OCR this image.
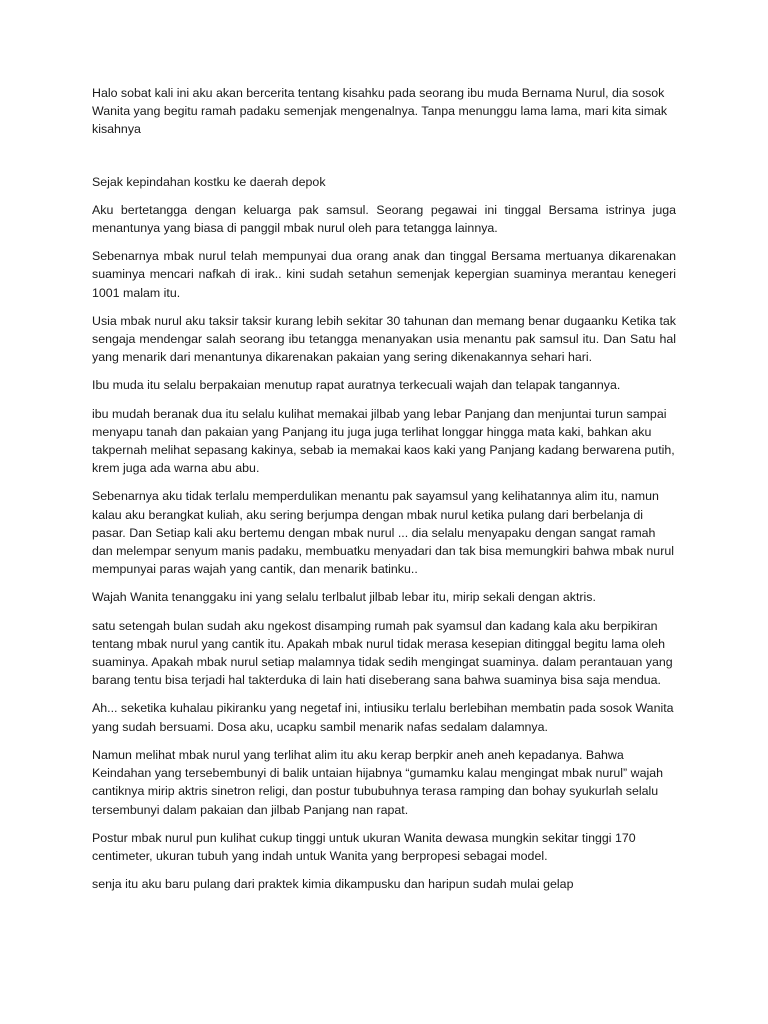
Halo sobat kali ini aku akan bercerita tentang kisahku pada seorang ibu muda Bernama Nurul, dia sosok Wanita yang begitu ramah padaku semenjak mengenalnya. Tanpa menunggu lama lama, mari kita simak kisahnya

Sejak kepindahan kostku ke daerah depok

Aku bertetangga dengan keluarga pak samsul. Seorang pegawai ini tinggal Bersama istrinya juga menantunya yang biasa di panggil mbak nurul oleh para tetangga lainnya.

Sebenarnya mbak nurul telah mempunyai dua orang anak dan tinggal Bersama mertuanya dikarenakan suaminya mencari nafkah di irak.. kini sudah setahun semenjak kepergian suaminya merantau kenegeri 1001 malam itu.

Usia mbak nurul aku taksir taksir kurang lebih sekitar 30 tahunan dan memang benar dugaanku Ketika tak sengaja mendengar salah seorang ibu tetangga menanyakan usia menantu pak samsul itu. Dan Satu hal yang menarik dari menantunya dikarenakan pakaian yang sering dikenakannya sehari hari.

Ibu muda itu selalu berpakaian menutup rapat auratnya terkecuali wajah dan telapak tangannya.

ibu mudah beranak dua itu selalu kulihat memakai jilbab yang lebar Panjang dan menjuntai turun sampai menyapu tanah dan pakaian yang Panjang itu juga juga terlihat longgar hingga mata kaki, bahkan aku takpernah melihat sepasang kakinya, sebab ia memakai kaos kaki yang Panjang kadang berwarena putih, krem juga ada warna abu abu.

Sebenarnya aku tidak terlalu memperdulikan menantu pak sayamsul yang kelihatannya alim itu, namun kalau aku berangkat kuliah, aku sering berjumpa dengan mbak nurul ketika pulang dari berbelanja di pasar. Dan Setiap kali aku bertemu dengan mbak nurul ... dia selalu menyapaku dengan sangat ramah dan melempar senyum manis padaku, membuatku menyadari dan tak bisa memungkiri bahwa mbak nurul mempunyai paras wajah yang cantik, dan menarik batinku..

Wajah Wanita tenanggaku ini yang selalu terlbalut jilbab lebar itu, mirip sekali dengan aktris.

satu setengah bulan sudah aku ngekost disamping rumah pak syamsul dan kadang kala aku berpikiran tentang mbak nurul yang cantik itu. Apakah mbak nurul tidak merasa kesepian ditinggal begitu lama oleh suaminya. Apakah mbak nurul setiap malamnya tidak sedih mengingat suaminya. dalam perantauan yang barang tentu bisa terjadi hal takterduka di lain hati diseberang sana bahwa suaminya bisa saja mendua.

Ah... seketika kuhalau pikiranku yang negetaf ini, intiusiku terlalu berlebihan membatin pada sosok Wanita yang sudah bersuami. Dosa aku, ucapku sambil menarik nafas sedalam dalamnya.

Namun melihat mbak nurul yang terlihat alim itu aku kerap berpkir aneh aneh kepadanya. Bahwa Keindahan yang tersebembunyi di balik untaian hijabnya “gumamku kalau mengingat mbak nurul” wajah cantiknya mirip aktris sinetron religi, dan postur tububuhnya terasa ramping dan bohay syukurlah selalu tersembunyi dalam pakaian dan jilbab Panjang nan rapat.

Postur mbak nurul pun kulihat cukup tinggi untuk ukuran Wanita dewasa mungkin sekitar tinggi 170 centimeter, ukuran tubuh yang indah untuk Wanita yang berpropesi sebagai model.

senja itu aku baru pulang dari praktek kimia dikampusku dan haripun sudah mulai gelap
